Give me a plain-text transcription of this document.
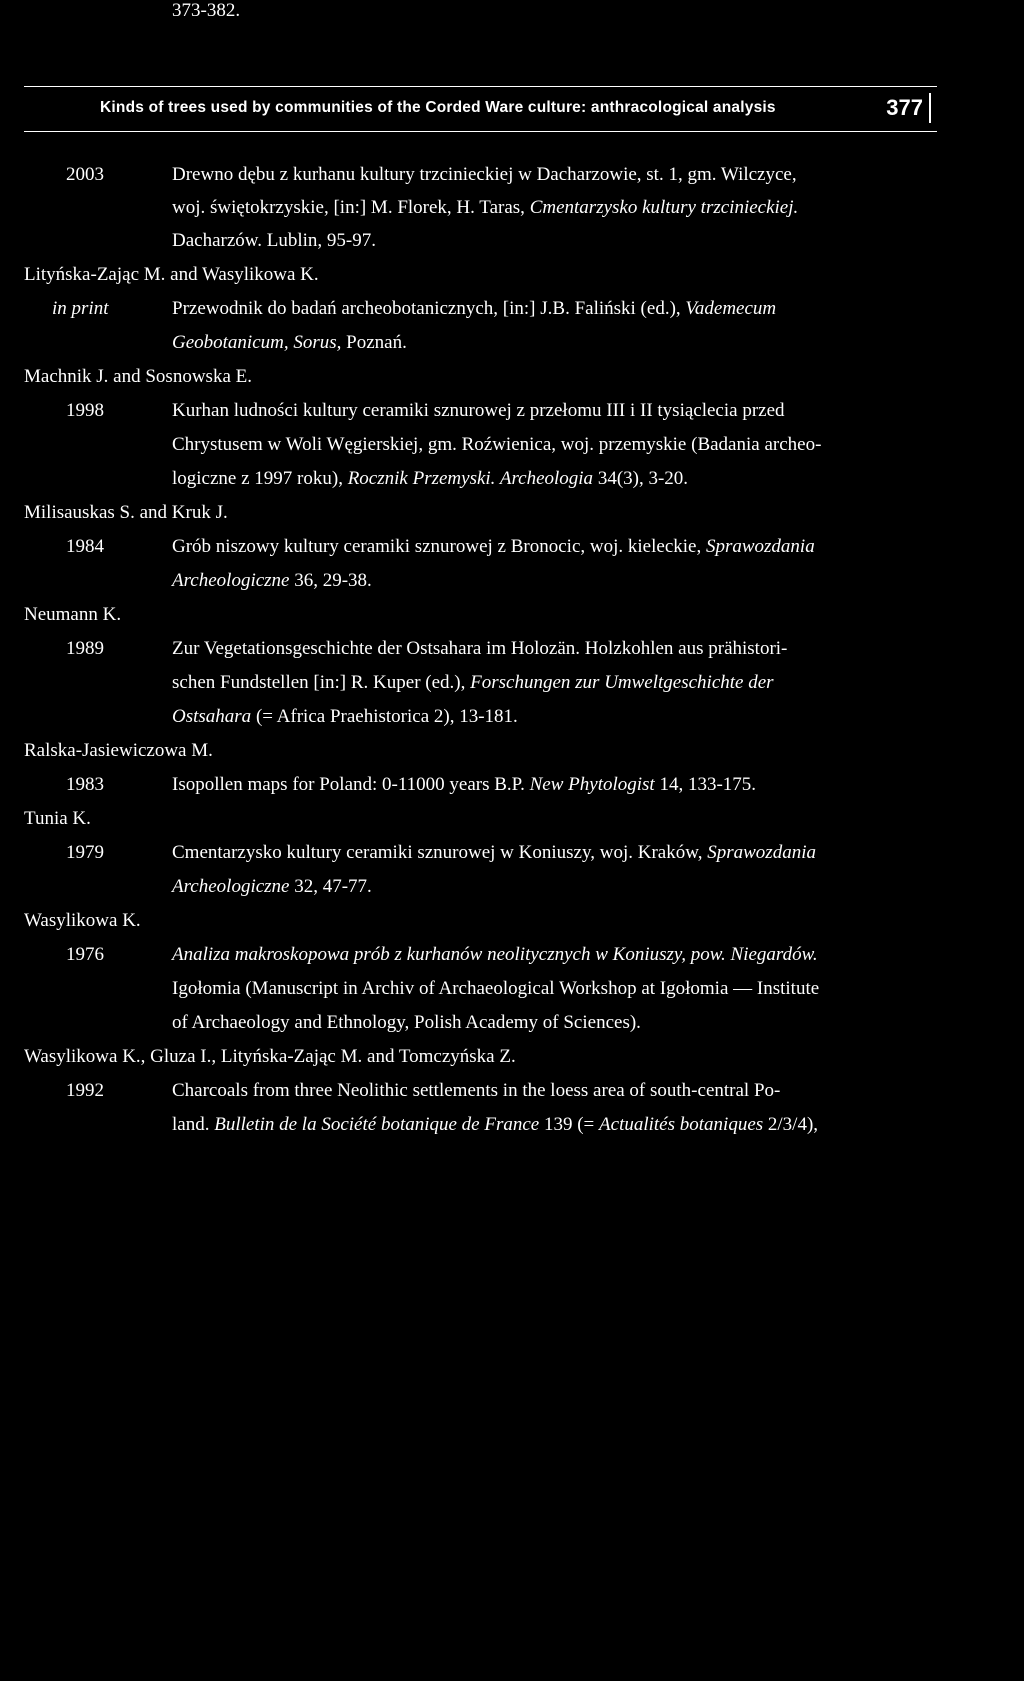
Kinds of trees used by communities of the Corded Ware culture: anthracological analysis	377
2003	Drewno dębu z kurhanu kultury trzcinieckiej w Dacharzowie, st. 1, gm. Wilczyce,
woj. świętokrzyskie, [in:] M. Florek, H. Taras, Cmentarzysko kultury trzcinieckiej.
Dacharzów. Lublin, 95-97.
Lityńska-Zając M. and Wasylikowa K.
in print	Przewodnik do badań archeobotanicznych, [in:] J.B. Faliński (ed.), Vademecum
Geobotanicum, Sorus, Poznań.
Machnik J. and Sosnowska E.
1998	Kurhan ludności kultury ceramiki sznurowej z przełomu III i II tysiąclecia przed
Chrystusem w Woli Węgierskiej, gm. Roźwienica, woj. przemyskie (Badania archeo-
logiczne z 1997 roku), Rocznik Przemyski. Archeologia 34(3), 3-20.
Milisauskas S. and Kruk J.
1984	Grób niszowy kultury ceramiki sznurowej z Bronocic, woj. kieleckie, Sprawozdania
Archeologiczne 36, 29-38.
Neumann K.
1989	Zur Vegetationsgeschichte der Ostsahara im Holozän. Holzkohlen aus prähistori-
schen Fundstellen [in:] R. Kuper (ed.), Forschungen zur Umweltgeschichte der
Ostsahara (= Africa Praehistorica 2), 13-181.
Ralska-Jasiewiczowa M.
1983	Isopollen maps for Poland: 0-11000 years B.P. New Phytologist 14, 133-175.
Tunia K.
1979	Cmentarzysko kultury ceramiki sznurowej w Koniuszy, woj. Kraków, Sprawozdania
Archeologiczne 32, 47-77.
Wasylikowa K.
1976	Analiza makroskopowa prób z kurhanów neolitycznych w Koniuszy, pow. Niegardów.
Igołomia (Manuscript in Archiv of Archaeological Workshop at Igołomia — Institute
of Archaeology and Ethnology, Polish Academy of Sciences).
Wasylikowa K., Gluza I., Lityńska-Zając M. and Tomczyńska Z.
1992	Charcoals from three Neolithic settlements in the loess area of south-central Po-
land. Bulletin de la Société botanique de France 139 (= Actualités botaniques 2/3/4),
373-382.
